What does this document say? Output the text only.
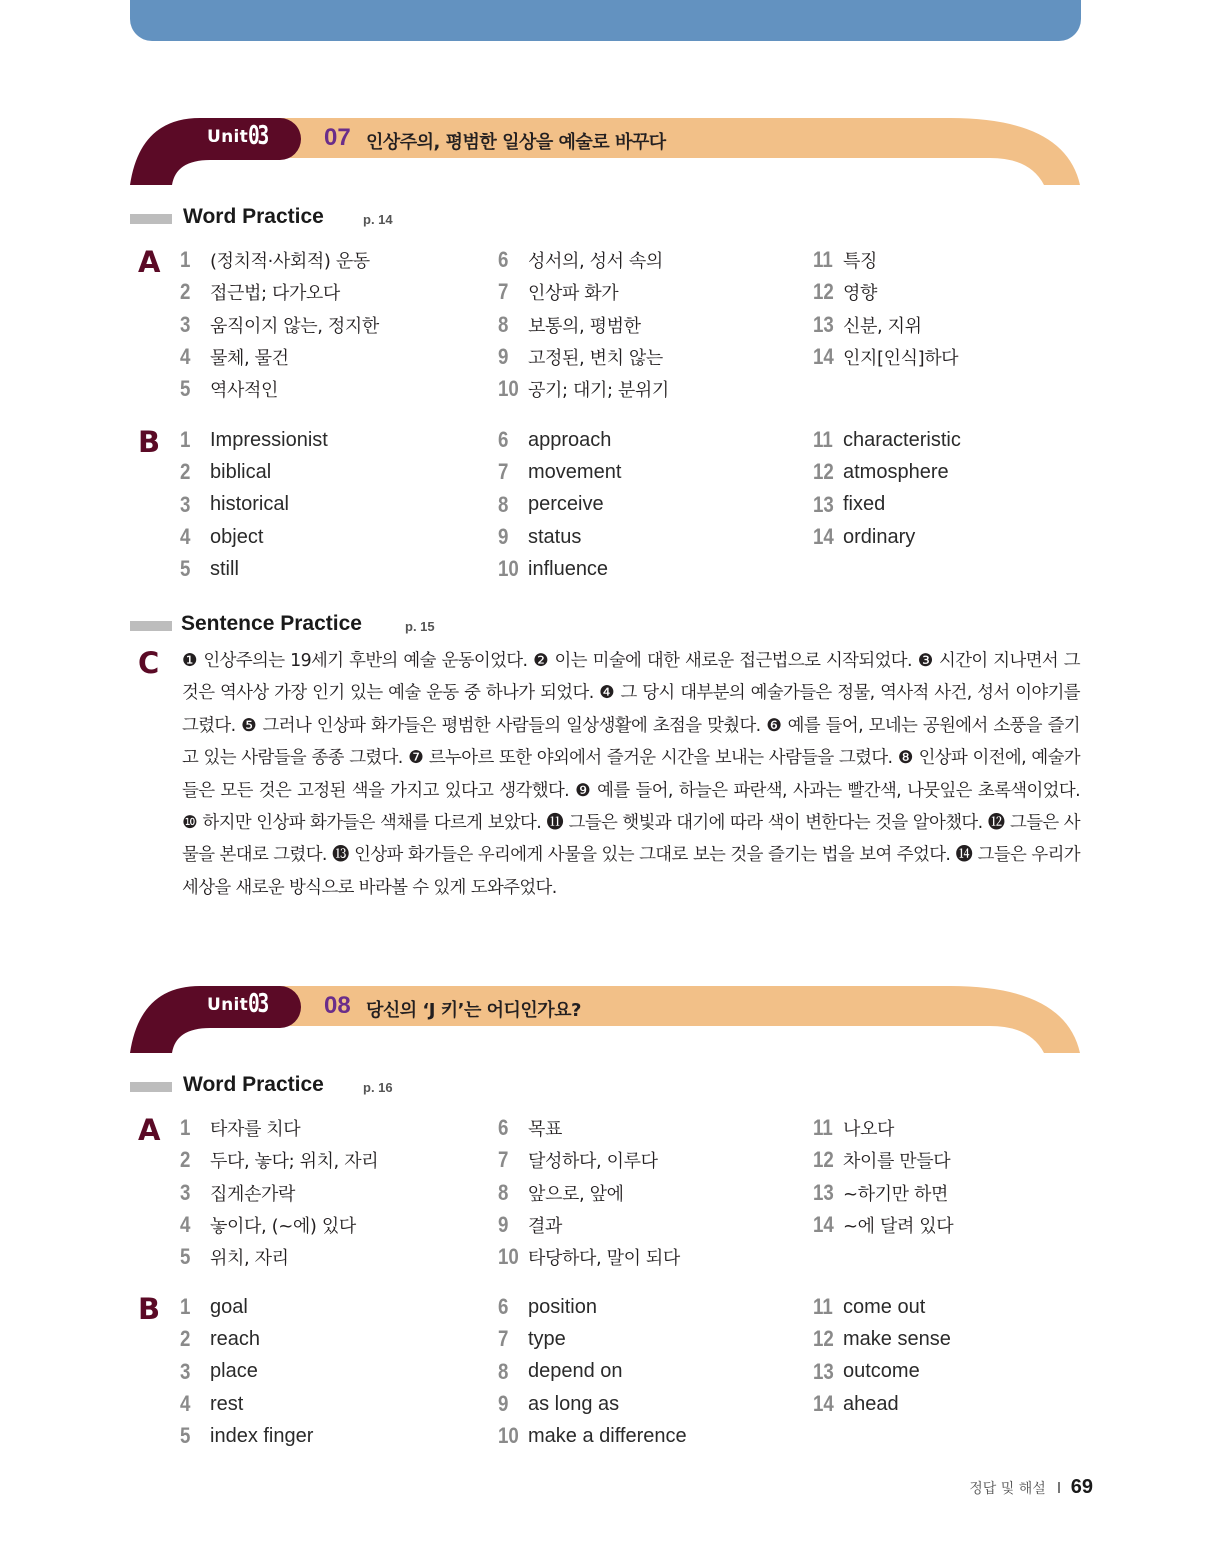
Unit 03 07 인상주의, 평범한 일상을 예술로 바꾸다
Word Practice	p. 14
A 1	(정치적·사회적) 운동
2	접근법; 다가오다
3	움직이지 않는, 정지한
4	물체, 물건
5	역사적인
6	성서의, 성서 속의
7	인상파 화가
8	보통의, 평범한
9	고정된, 변치 않는
10 공기; 대기; 분위기
11 특징
12 영향
13 신분, 지위
14 인지[인식]하다
B 1 Impressionist
2 biblical
3 historical
4 object
5 still
6 approach
7 movement
8 perceive
9 status
10 influence
11 characteristic
12 atmosphere
13 fixed
14 ordinary
Sentence Practice	p. 15
C ❶ 인상주의는 19세기 후반의 예술 운동이었다. ❷ 이는 미술에 대한 새로운 접근법으로 시작되었다. ❸ 시간이 지나면서 그것은 역사상 가장 인기 있는 예술 운동 중 하나가 되었다. ❹ 그 당시 대부분의 예술가들은 정물, 역사적 사건, 성서 이야기를 그렸다. ❺ 그러나 인상파 화가들은 평범한 사람들의 일상생활에 초점을 맞췄다. ❻ 예를 들어, 모네는 공원에서 소풍을 즐기고 있는 사람들을 종종 그렸다. ❼ 르누아르 또한 야외에서 즐거운 시간을 보내는 사람들을 그렸다. ❽ 인상파 이전에, 예술가들은 모든 것은 고정된 색을 가지고 있다고 생각했다. ❾ 예를 들어, 하늘은 파란색, 사과는 빨간색, 나뭇잎은 초록색이었다. ❿ 하지만 인상파 화가들은 색채를 다르게 보았다. ⓫ 그들은 햇빛과 대기에 따라 색이 변한다는 것을 알아챘다. ⓬ 그들은 사물을 본대로 그렸다. ⓭ 인상파 화가들은 우리에게 사물을 있는 그대로 보는 것을 즐기는 법을 보여 주었다. ⓮ 그들은 우리가 세상을 새로운 방식으로 바라볼 수 있게 도와주었다.
Unit 03 08 당신의 ‘J 키’는 어디인가요?
Word Practice	p. 16
A 1	타자를 치다
2	두다, 놓다; 위치, 자리
3	집게손가락
4	놓이다, (~에) 있다
5	위치, 자리
6	목표
7	달성하다, 이루다
8	앞으로, 앞에
9	결과
10 타당하다, 말이 되다
11 나오다
12 차이를 만들다
13 ~하기만 하면
14 ~에 달려 있다
B 1 goal
2 reach
3 place
4 rest
5 index finger
6 position
7 type
8 depend on
9 as long as
10 make a difference
11 come out
12 make sense
13 outcome
14 ahead
정답 및 해설 69
